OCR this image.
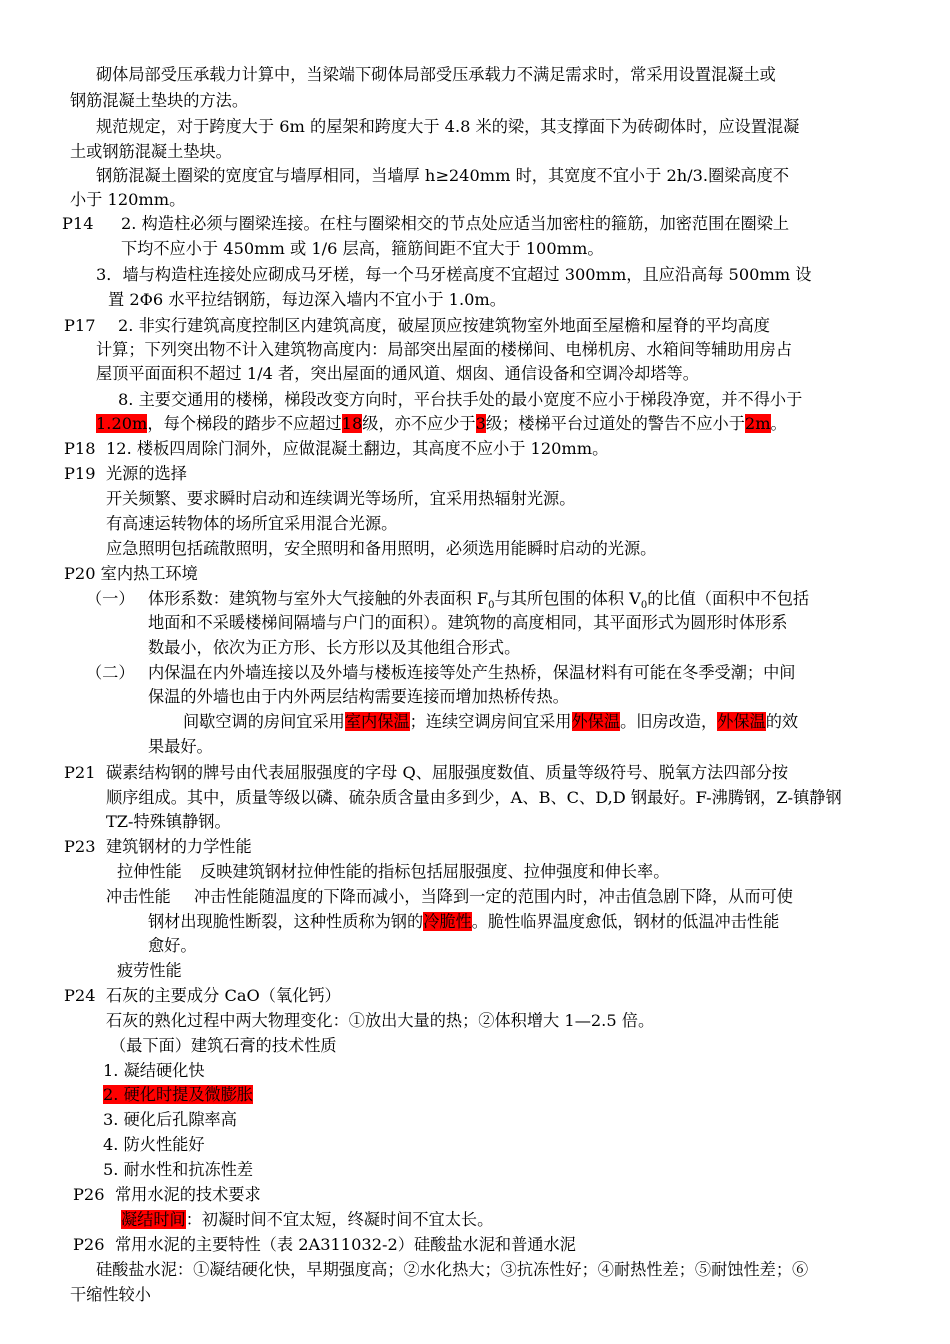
砌体局部受压承载力计算中，当梁端下砌体局部受压承载力不满足需求时，常采用设置混凝土或
钢筋混凝土垫块的方法。
规范规定，对于跨度大于 6m 的屋架和跨度大于 4.8 米的梁，其支撑面下为砖砌体时，应设置混凝
土或钢筋混凝土垫块。
钢筋混凝土圈梁的宽度宜与墙厚相同，当墙厚 h≥240mm 时，其宽度不宜小于 2h/3.圈梁高度不
小于 120mm。
P14 2. 构造柱必须与圈梁连接。在柱与圈梁相交的节点处应适当加密柱的箍筋，加密范围在圈梁上
下均不应小于 450mm 或 1/6 层高，箍筋间距不宜大于 100mm。
3．墙与构造柱连接处应砌成马牙槎，每一个马牙槎高度不宜超过 300mm，且应沿高每 500mm 设
置 2Φ6 水平拉结钢筋，每边深入墙内不宜小于 1.0m。
P17 2. 非实行建筑高度控制区内建筑高度，破屋顶应按建筑物室外地面至屋檐和屋脊的平均高度
计算；下列突出物不计入建筑物高度内：局部突出屋面的楼梯间、电梯机房、水箱间等辅助用房占
屋顶平面面积不超过 1/4 者，突出屋面的通风道、烟囱、通信设备和空调冷却塔等。
8. 主要交通用的楼梯，梯段改变方向时，平台扶手处的最小宽度不应小于梯段净宽，并不得小于
1.20m，每个梯段的踏步不应超过18级，亦不应少于3级；楼梯平台过道处的警告不应小于2m。
P18 12. 楼板四周除门洞外，应做混凝土翻边，其高度不应小于 120mm。
P19 光源的选择
开关频繁、要求瞬时启动和连续调光等场所，宜采用热辐射光源。
有高速运转物体的场所宜采用混合光源。
应急照明包括疏散照明，安全照明和备用照明，必须选用能瞬时启动的光源。
P20 室内热工环境
（一） 体形系数：建筑物与室外大气接触的外表面积 $F_0$与其所包围的体积 $V_0$的比值（面积中不包括
地面和不采暖楼梯间隔墙与户门的面积）。建筑物的高度相同，其平面形式为圆形时体形系
数最小，依次为正方形、长方形以及其他组合形式。
（二） 内保温在内外墙连接以及外墙与楼板连接等处产生热桥，保温材料有可能在冬季受潮；中间
保温的外墙也由于内外两层结构需要连接而增加热桥传热。
间歇空调的房间宜采用室内保温；连续空调房间宜采用外保温。旧房改造，外保温的效
果最好。
P21 碳素结构钢的牌号由代表屈服强度的字母 Q、屈服强度数值、质量等级符号、脱氧方法四部分按
顺序组成。其中，质量等级以磷、硫杂质含量由多到少，A、B、C、D,D 钢最好。F-沸腾钢，Z-镇静钢
TZ-特殊镇静钢。
P23 建筑钢材的力学性能
拉伸性能 反映建筑钢材拉伸性能的指标包括屈服强度、拉伸强度和伸长率。
冲击性能 冲击性能随温度的下降而减小，当降到一定的范围内时，冲击值急剧下降，从而可使
钢材出现脆性断裂，这种性质称为钢的冷脆性。脆性临界温度愈低，钢材的低温冲击性能
愈好。
疲劳性能
P24 石灰的主要成分 CaO（氧化钙）
石灰的熟化过程中两大物理变化：①放出大量的热；②体积增大 1—2.5 倍。
（最下面）建筑石膏的技术性质
1. 凝结硬化快
2. 硬化时提及微膨胀
3. 硬化后孔隙率高
4. 防火性能好
5. 耐水性和抗冻性差
P26 常用水泥的技术要求
凝结时间：初凝时间不宜太短，终凝时间不宜太长。
P26 常用水泥的主要特性（表 2A311032-2）硅酸盐水泥和普通水泥
硅酸盐水泥：①凝结硬化快，早期强度高；②水化热大；③抗冻性好；④耐热性差；⑤耐蚀性差；⑥
干缩性较小
